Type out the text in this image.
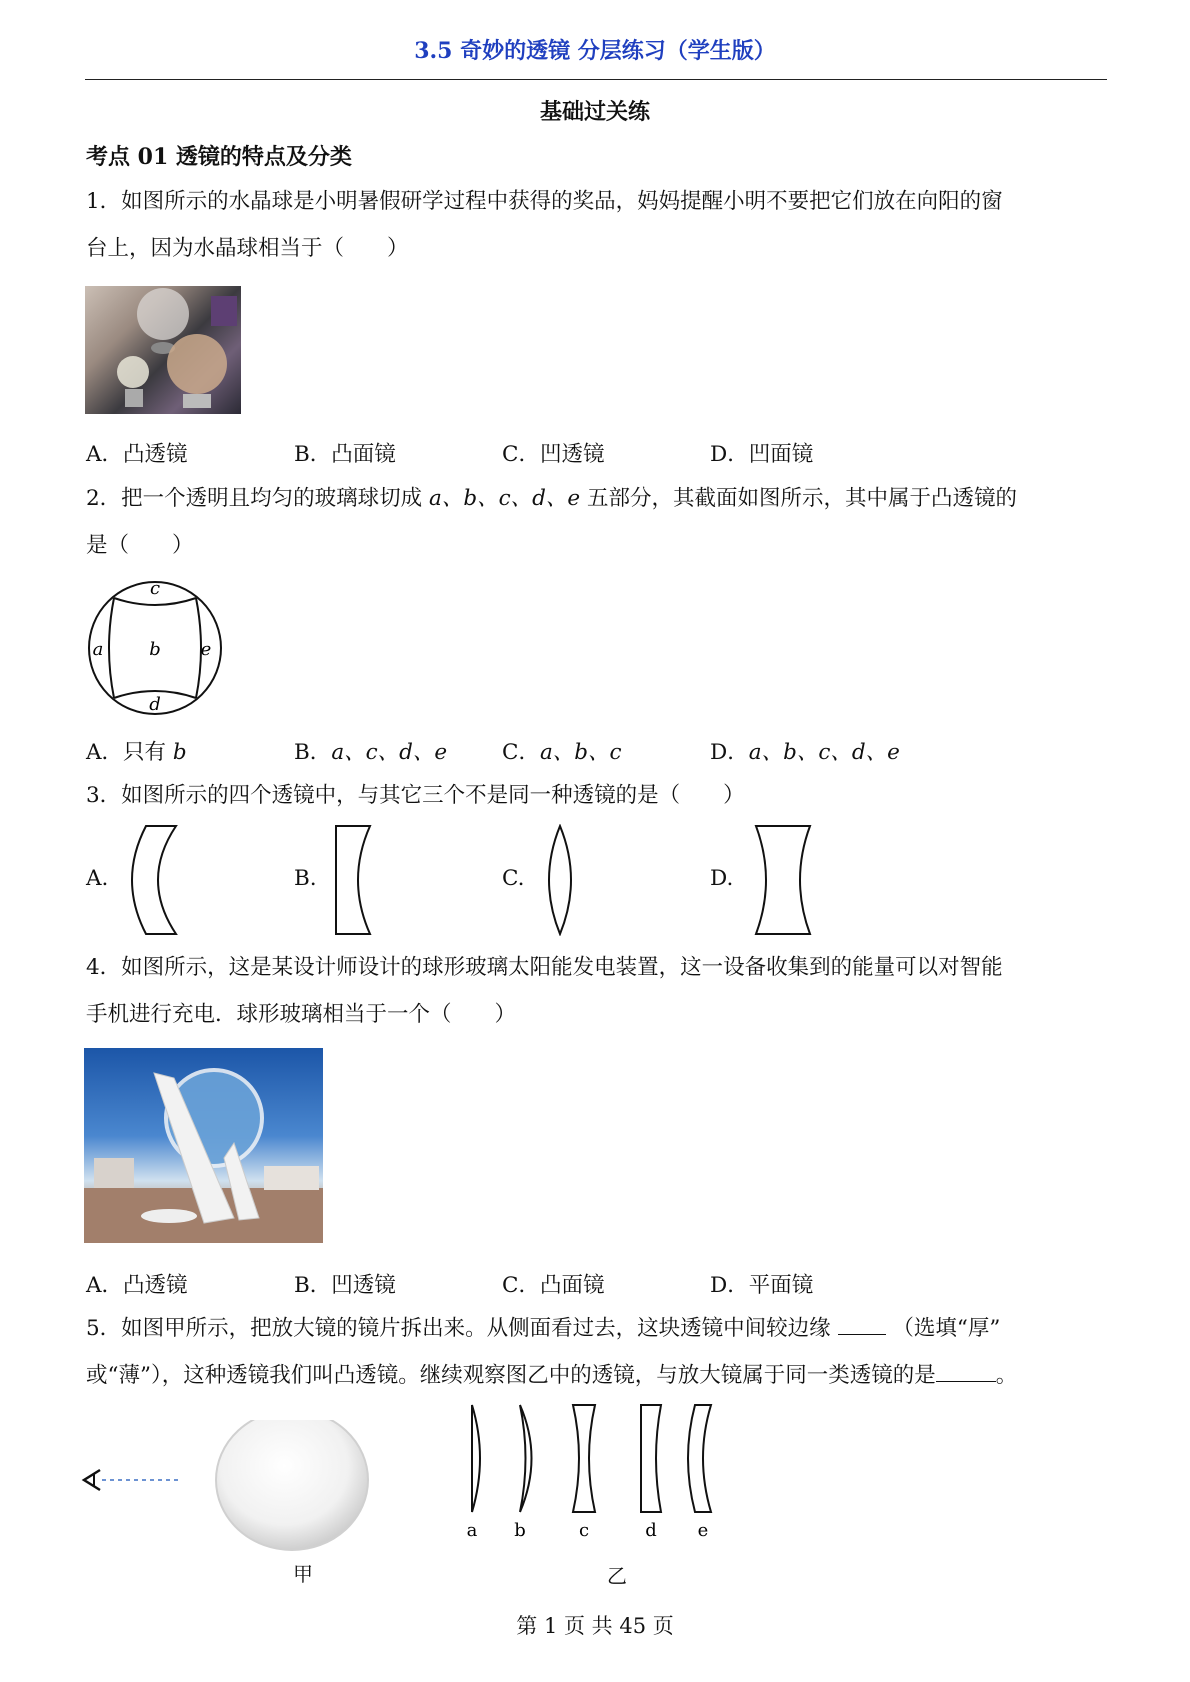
3.5 奇妙的透镜 分层练习（学生版）
基础过关练
考点 01 透镜的特点及分类
1．如图所示的水晶球是小明暑假研学过程中获得的奖品，妈妈提醒小明不要把它们放在向阳的窗
台上，因为水晶球相当于（　　）
A．凸透镜	B．凸面镜	C．凹透镜	D．凹面镜
2．把一个透明且均匀的玻璃球切成 a、b、c、d、e 五部分，其截面如图所示，其中属于凸透镜的
是（　　）
c
a	b e
d
A．只有 b	B．a、c、d、e	C．a、b、c	D．a、b、c、d、e
3．如图所示的四个透镜中，与其它三个不是同一种透镜的是（　　）
A.	B.	C.	D.
4．如图所示，这是某设计师设计的球形玻璃太阳能发电装置，这一设备收集到的能量可以对智能
手机进行充电．球形玻璃相当于一个（　　）
A．凸透镜	B．凹透镜	C．凸面镜	D．平面镜
5．如图甲所示，把放大镜的镜片拆出来。从侧面看过去，这块透镜中间较边缘	（选填“厚”
或“薄”），这种透镜我们叫凸透镜。继续观察图乙中的透镜，与放大镜属于同一类透镜的是	。
甲
a b	c	d e
乙
第 1 页 共 45 页
